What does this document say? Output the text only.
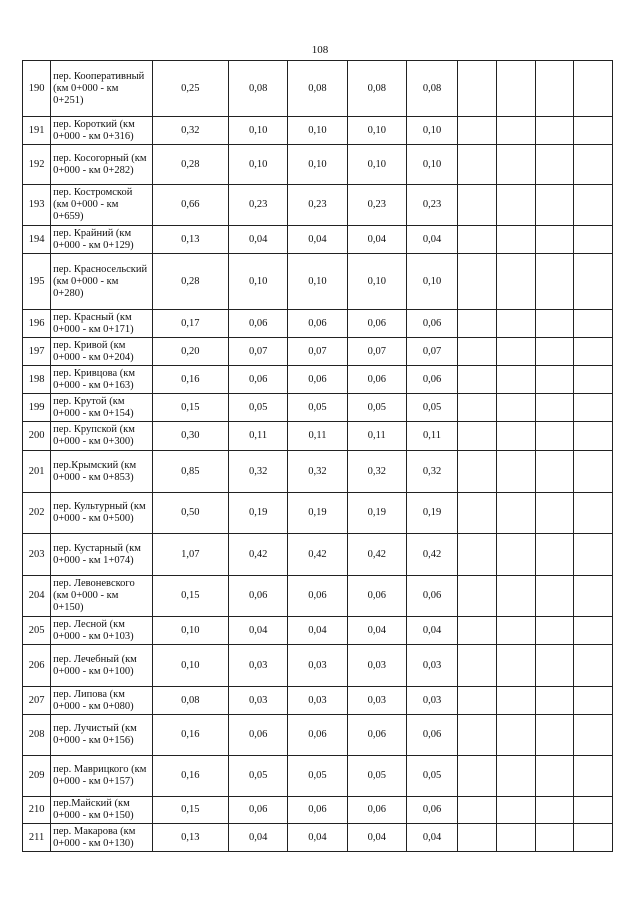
108
190	пер. Кооперативный (км 0+000 - км 0+251)	0,25	0,08	0,08	0,08	0,08				
191	пер. Короткий (км 0+000 - км 0+316)	0,32	0,10	0,10	0,10	0,10				
192	пер. Косогорный (км 0+000 - км 0+282)	0,28	0,10	0,10	0,10	0,10				
193	пер. Костромской (км 0+000 - км 0+659)	0,66	0,23	0,23	0,23	0,23				
194	пер. Крайний (км 0+000 - км 0+129)	0,13	0,04	0,04	0,04	0,04				
195	пер. Красносельский (км 0+000 - км 0+280)	0,28	0,10	0,10	0,10	0,10				
196	пер. Красный (км 0+000 - км 0+171)	0,17	0,06	0,06	0,06	0,06				
197	пер. Кривой (км 0+000 - км 0+204)	0,20	0,07	0,07	0,07	0,07				
198	пер. Кривцова (км 0+000 - км 0+163)	0,16	0,06	0,06	0,06	0,06				
199	пер. Крутой (км 0+000 - км 0+154)	0,15	0,05	0,05	0,05	0,05				
200	пер. Крупской (км 0+000 - км 0+300)	0,30	0,11	0,11	0,11	0,11				
201	пер.Крымский (км 0+000 - км 0+853)	0,85	0,32	0,32	0,32	0,32				
202	пер. Культурный (км 0+000 - км 0+500)	0,50	0,19	0,19	0,19	0,19				
203	пер. Кустарный (км 0+000 - км 1+074)	1,07	0,42	0,42	0,42	0,42				
204	пер. Левоневского (км 0+000 - км 0+150)	0,15	0,06	0,06	0,06	0,06				
205	пер. Лесной (км 0+000 - км 0+103)	0,10	0,04	0,04	0,04	0,04				
206	пер. Лечебный (км 0+000 - км 0+100)	0,10	0,03	0,03	0,03	0,03				
207	пер. Липова (км 0+000 - км 0+080)	0,08	0,03	0,03	0,03	0,03				
208	пер. Лучистый (км 0+000 - км 0+156)	0,16	0,06	0,06	0,06	0,06				
209	пер. Маврицкого (км 0+000 - км 0+157)	0,16	0,05	0,05	0,05	0,05				
210	пер.Майский (км 0+000 - км 0+150)	0,15	0,06	0,06	0,06	0,06				
211	пер. Макарова (км 0+000 - км 0+130)	0,13	0,04	0,04	0,04	0,04				
